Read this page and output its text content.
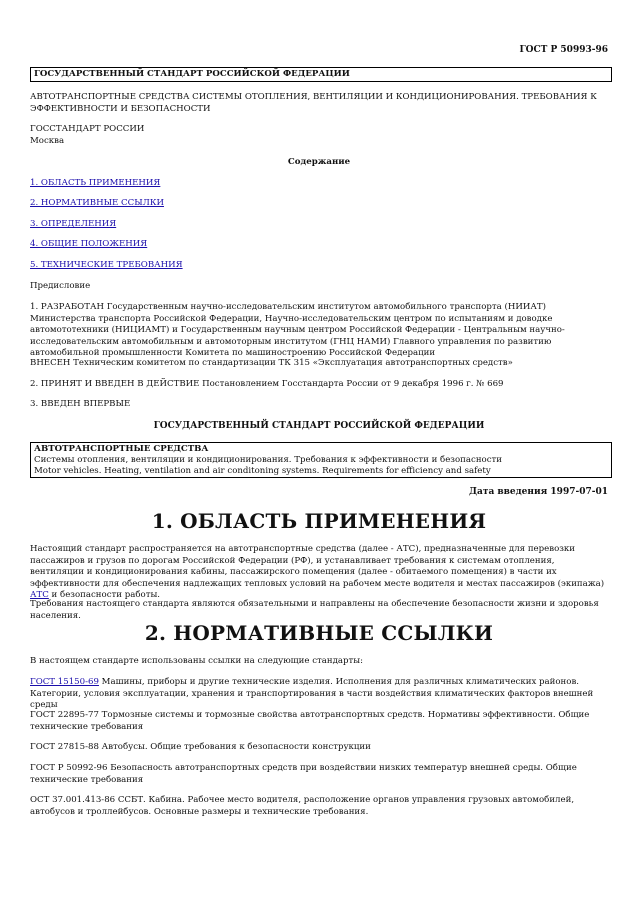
ГОСТ Р 50993-96
ГОСУДАРСТВЕННЫЙ СТАНДАРТ РОССИЙСКОЙ ФЕДЕРАЦИИ
АВТОТРАНСПОРТНЫЕ СРЕДСТВА СИСТЕМЫ ОТОПЛЕНИЯ, ВЕНТИЛЯЦИИ И КОНДИЦИОНИРОВАНИЯ. ТРЕБОВАНИЯ К ЭФФЕКТИВНОСТИ И БЕЗОПАСНОСТИ
ГОССТАНДАРТ РОССИИ
Москва
Содержание
1. ОБЛАСТЬ ПРИМЕНЕНИЯ
2. НОРМАТИВНЫЕ ССЫЛКИ
3. ОПРЕДЕЛЕНИЯ
4. ОБЩИЕ ПОЛОЖЕНИЯ
5. ТЕХНИЧЕСКИЕ ТРЕБОВАНИЯ
Предисловие
1. РАЗРАБОТАН Государственным научно-исследовательским институтом автомобильного транспорта (НИИАТ) Министерства транспорта Российской Федерации, Научно-исследовательским центром по испытаниям и доводке автомототехники (НИЦИАМТ) и Государственным научным центром Российской Федерации - Центральным научно-исследовательским автомобильным и автомоторным институтом (ГНЦ НАМИ) Главного управления по развитию автомобильной промышленности Комитета по машиностроению Российской Федерации
ВНЕСЕН Техническим комитетом по стандартизации ТК 315 «Эксплуатация автотранспортных средств»
2. ПРИНЯТ И ВВЕДЕН В ДЕЙСТВИЕ Постановлением Госстандарта России от 9 декабря 1996 г. № 669
3. ВВЕДЕН ВПЕРВЫЕ
ГОСУДАРСТВЕННЫЙ СТАНДАРТ РОССИЙСКОЙ ФЕДЕРАЦИИ
АВТОТРАНСПОРТНЫЕ СРЕДСТВА
Системы отопления, вентиляции и кондиционирования. Требования к эффективности и безопасности
Motor vehicles. Heating, ventilation and air conditoning systems. Requirements for efficiency and safety
Дата введения 1997-07-01
1. ОБЛАСТЬ ПРИМЕНЕНИЯ
Настоящий стандарт распространяется на автотранспортные средства (далее - АТС), предназначенные для перевозки пассажиров и грузов по дорогам Российской Федерации (РФ), и устанавливает требования к системам отопления, вентиляции и кондиционирования кабины, пассажирского помещения (далее - обитаемого помещения) в части их эффективности для обеспечения надлежащих тепловых условий на рабочем месте водителя и местах пассажиров (экипажа) АТС и безопасности работы.
Требования настоящего стандарта являются обязательными и направлены на обеспечение безопасности жизни и здоровья населения.
2. НОРМАТИВНЫЕ ССЫЛКИ
В настоящем стандарте использованы ссылки на следующие стандарты:
ГОСТ 15150-69 Машины, приборы и другие технические изделия. Исполнения для различных климатических районов. Категории, условия эксплуатации, хранения и транспортирования в части воздействия климатических факторов внешней среды
ГОСТ 22895-77 Тормозные системы и тормозные свойства автотранспортных средств. Нормативы эффективности. Общие технические требования
ГОСТ 27815-88 Автобусы. Общие требования к безопасности конструкции
ГОСТ Р 50992-96 Безопасность автотранспортных средств при воздействии низких температур внешней среды. Общие технические требования
ОСТ 37.001.413-86 ССБТ. Кабина. Рабочее место водителя, расположение органов управления грузовых автомобилей, автобусов и троллейбусов. Основные размеры и технические требования.
